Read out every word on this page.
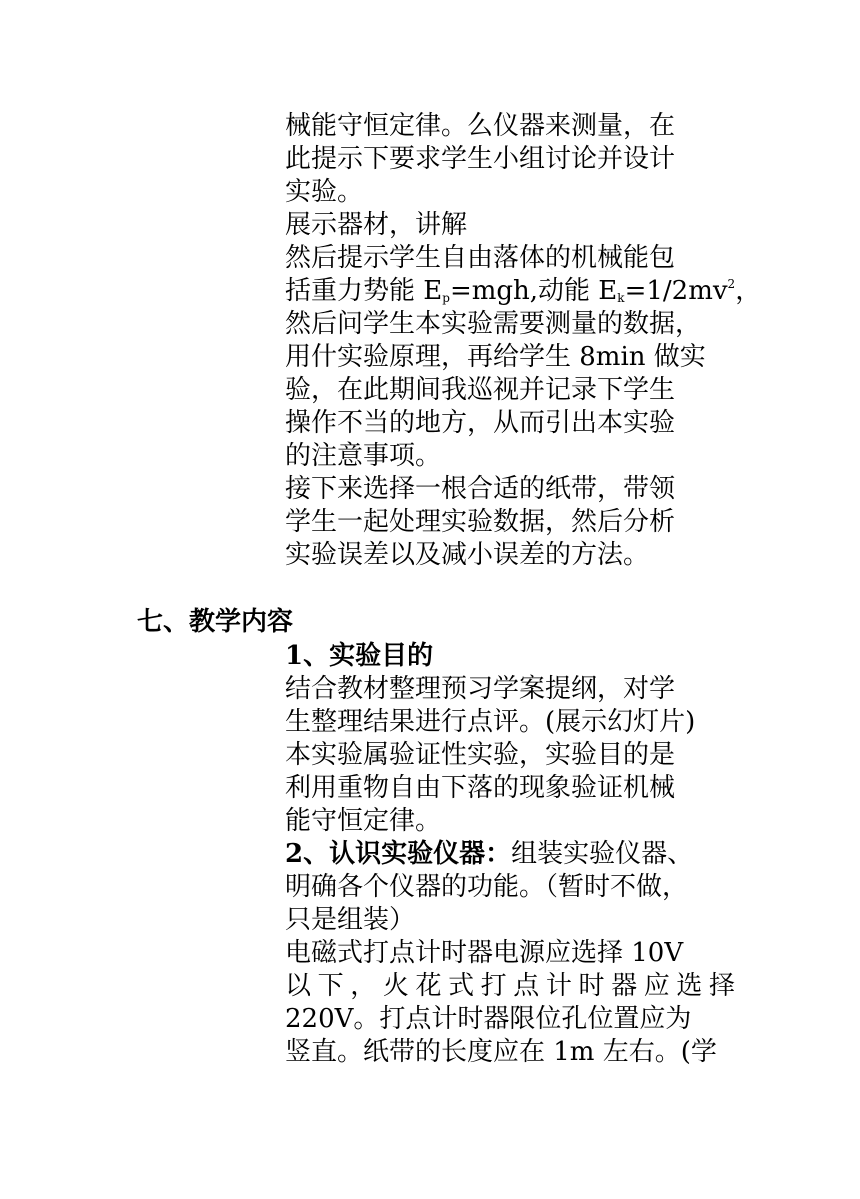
械能守恒定律。么仪器来测量，在
此提示下要求学生小组讨论并设计
实验。
展示器材，讲解
然后提示学生自由落体的机械能包
括重力势能 $E_p=mgh$,动能 $E_k=1/2mv^2$，
然后问学生本实验需要测量的数据，
用什实验原理，再给学生 8min 做实
验，在此期间我巡视并记录下学生
操作不当的地方，从而引出本实验
的注意事项。
接下来选择一根合适的纸带，带领
学生一起处理实验数据，然后分析
实验误差以及减小误差的方法。
七、教学内容
1、实验目的
结合教材整理预习学案提纲，对学
生整理结果进行点评。(展示幻灯片)
本实验属验证性实验，实验目的是
利用重物自由下落的现象验证机械
能守恒定律。
2、认识实验仪器：组装实验仪器、
明确各个仪器的功能。（暂时不做，
只是组装）
电磁式打点计时器电源应选择 10V
以下，火花式打点计时器应选择
220V。打点计时器限位孔位置应为
竖直。纸带的长度应在 1m 左右。(学
